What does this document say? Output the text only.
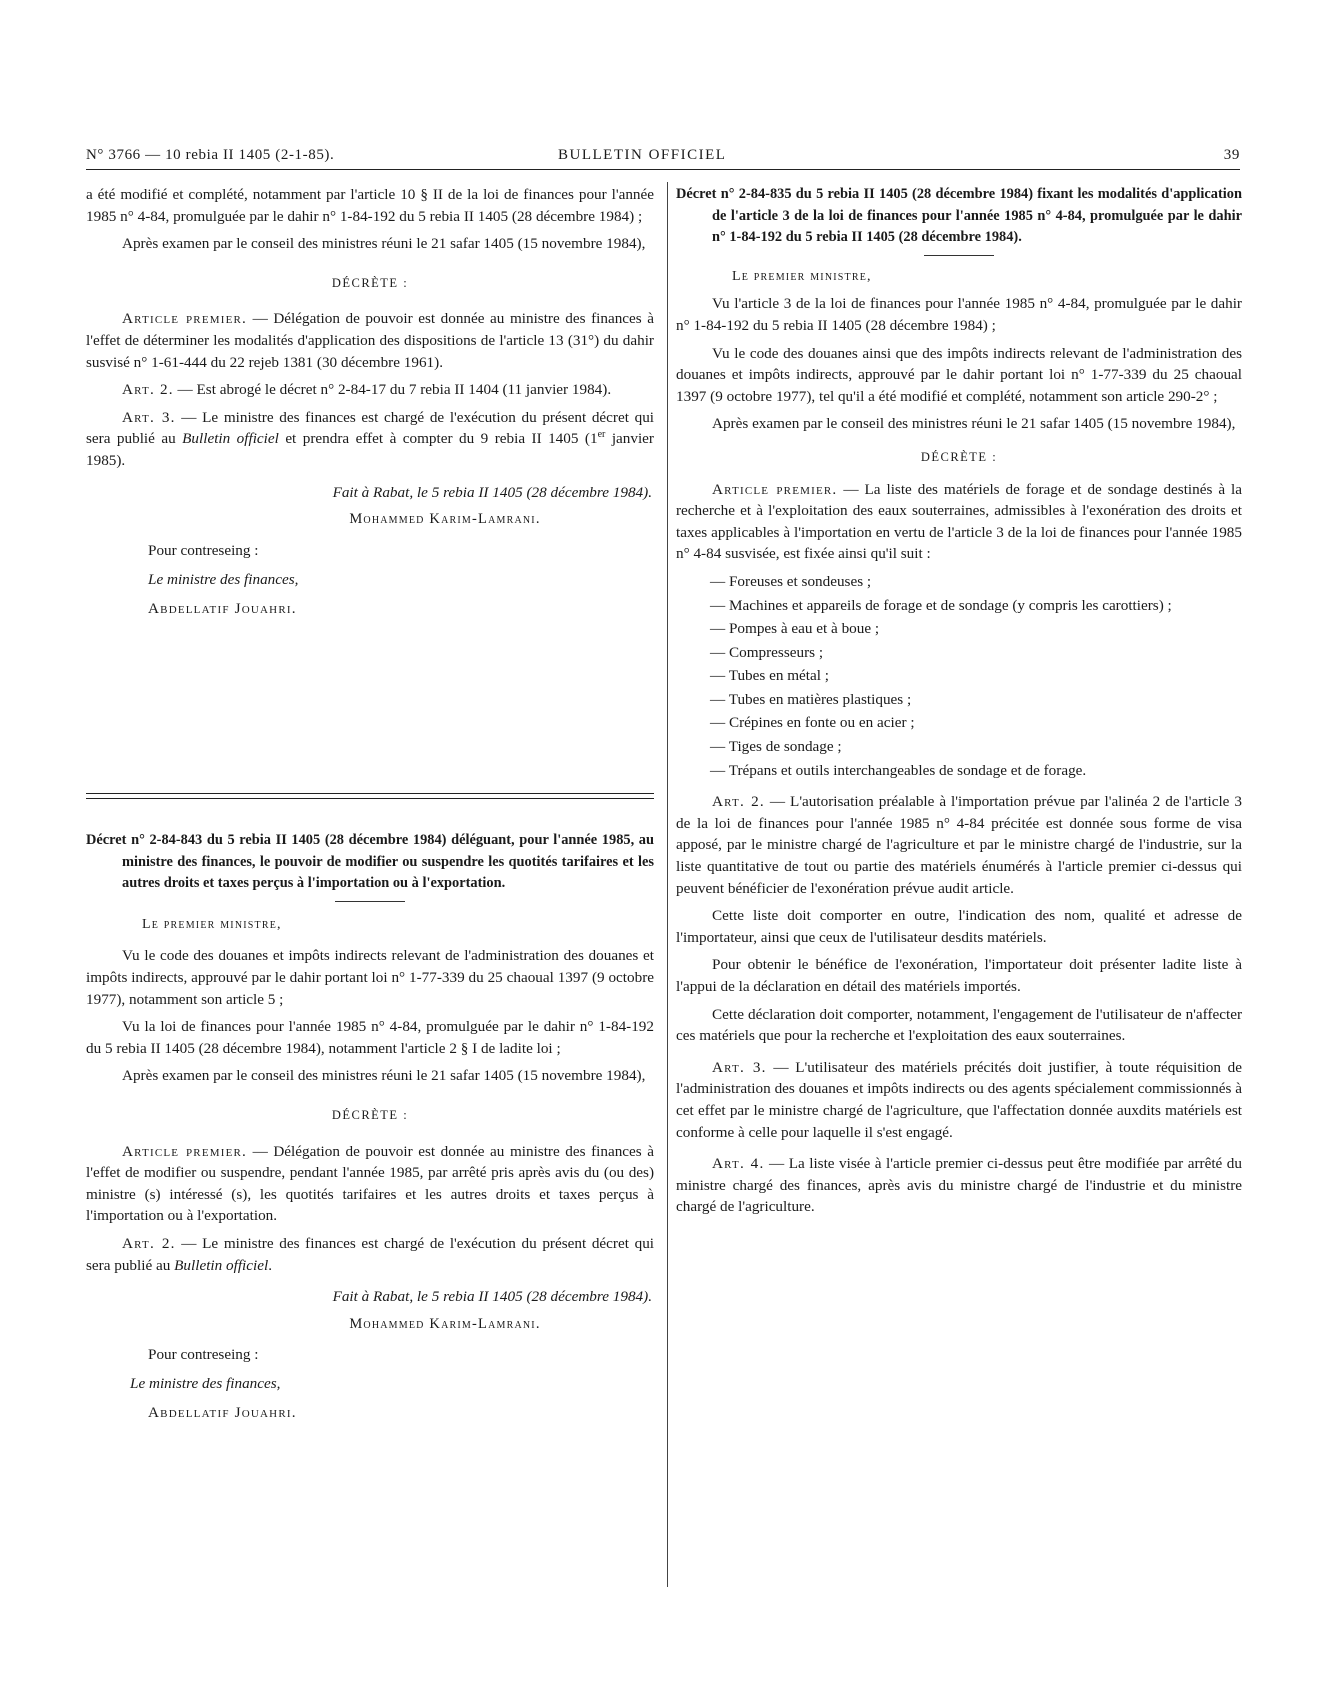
N° 3766 — 10 rebia II 1405 (2-1-85).	BULLETIN OFFICIEL	39

a été modifié et complété, notamment par l'article 10 § II de la loi de finances pour l'année 1985 n° 4-84, promulguée par le dahir n° 1-84-192 du 5 rebia II 1405 (28 décembre 1984) ;

Après examen par le conseil des ministres réuni le 21 safar 1405 (15 novembre 1984),

DÉCRÈTE :

Article premier. — Délégation de pouvoir est donnée au ministre des finances à l'effet de déterminer les modalités d'application des dispositions de l'article 13 (31°) du dahir susvisé n° 1-61-444 du 22 rejeb 1381 (30 décembre 1961).

Art. 2. — Est abrogé le décret n° 2-84-17 du 7 rebia II 1404 (11 janvier 1984).

Art. 3. — Le ministre des finances est chargé de l'exécution du présent décret qui sera publié au Bulletin officiel et prendra effet à compter du 9 rebia II 1405 (1er janvier 1985).

Fait à Rabat, le 5 rebia II 1405 (28 décembre 1984).

Mohammed Karim-Lamrani.

Pour contreseing :

Le ministre des finances,

Abdellatif Jouahri.

Décret n° 2-84-843 du 5 rebia II 1405 (28 décembre 1984) déléguant, pour l'année 1985, au ministre des finances, le pouvoir de modifier ou suspendre les quotités tarifaires et les autres droits et taxes perçus à l'importation ou à l'exportation.

Le premier ministre,

Vu le code des douanes et impôts indirects relevant de l'administration des douanes et impôts indirects, approuvé par le dahir portant loi n° 1-77-339 du 25 chaoual 1397 (9 octobre 1977), notamment son article 5 ;

Vu la loi de finances pour l'année 1985 n° 4-84, promulguée par le dahir n° 1-84-192 du 5 rebia II 1405 (28 décembre 1984), notamment l'article 2 § I de ladite loi ;

Après examen par le conseil des ministres réuni le 21 safar 1405 (15 novembre 1984),

DÉCRÈTE :

Article premier. — Délégation de pouvoir est donnée au ministre des finances à l'effet de modifier ou suspendre, pendant l'année 1985, par arrêté pris après avis du (ou des) ministre (s) intéressé (s), les quotités tarifaires et les autres droits et taxes perçus à l'importation ou à l'exportation.

Art. 2. — Le ministre des finances est chargé de l'exécution du présent décret qui sera publié au Bulletin officiel.

Fait à Rabat, le 5 rebia II 1405 (28 décembre 1984).

Mohammed Karim-Lamrani.

Pour contreseing :

Le ministre des finances,

Abdellatif Jouahri.

Décret n° 2-84-835 du 5 rebia II 1405 (28 décembre 1984) fixant les modalités d'application de l'article 3 de la loi de finances pour l'année 1985 n° 4-84, promulguée par le dahir n° 1-84-192 du 5 rebia II 1405 (28 décembre 1984).

Le premier ministre,

Vu l'article 3 de la loi de finances pour l'année 1985 n° 4-84, promulguée par le dahir n° 1-84-192 du 5 rebia II 1405 (28 décembre 1984) ;

Vu le code des douanes ainsi que des impôts indirects relevant de l'administration des douanes et impôts indirects, approuvé par le dahir portant loi n° 1-77-339 du 25 chaoual 1397 (9 octobre 1977), tel qu'il a été modifié et complété, notamment son article 290-2° ;

Après examen par le conseil des ministres réuni le 21 safar 1405 (15 novembre 1984),

DÉCRÈTE :

Article premier. — La liste des matériels de forage et de sondage destinés à la recherche et à l'exploitation des eaux souterraines, admissibles à l'exonération des droits et taxes applicables à l'importation en vertu de l'article 3 de la loi de finances pour l'année 1985 n° 4-84 susvisée, est fixée ainsi qu'il suit :

— Foreuses et sondeuses ;
— Machines et appareils de forage et de sondage (y compris les carottiers) ;
— Pompes à eau et à boue ;
— Compresseurs ;
— Tubes en métal ;
— Tubes en matières plastiques ;
— Crépines en fonte ou en acier ;
— Tiges de sondage ;
— Trépans et outils interchangeables de sondage et de forage.

Art. 2. — L'autorisation préalable à l'importation prévue par l'alinéa 2 de l'article 3 de la loi de finances pour l'année 1985 n° 4-84 précitée est donnée sous forme de visa apposé, par le ministre chargé de l'agriculture et par le ministre chargé de l'industrie, sur la liste quantitative de tout ou partie des matériels énumérés à l'article premier ci-dessus qui peuvent bénéficier de l'exonération prévue audit article.

Cette liste doit comporter en outre, l'indication des nom, qualité et adresse de l'importateur, ainsi que ceux de l'utilisateur desdits matériels.

Pour obtenir le bénéfice de l'exonération, l'importateur doit présenter ladite liste à l'appui de la déclaration en détail des matériels importés.

Cette déclaration doit comporter, notamment, l'engagement de l'utilisateur de n'affecter ces matériels que pour la recherche et l'exploitation des eaux souterraines.

Art. 3. — L'utilisateur des matériels précités doit justifier, à toute réquisition de l'administration des douanes et impôts indirects ou des agents spécialement commissionnés à cet effet par le ministre chargé de l'agriculture, que l'affectation donnée auxdits matériels est conforme à celle pour laquelle il s'est engagé.

Art. 4. — La liste visée à l'article premier ci-dessus peut être modifiée par arrêté du ministre chargé des finances, après avis du ministre chargé de l'industrie et du ministre chargé de l'agriculture.
